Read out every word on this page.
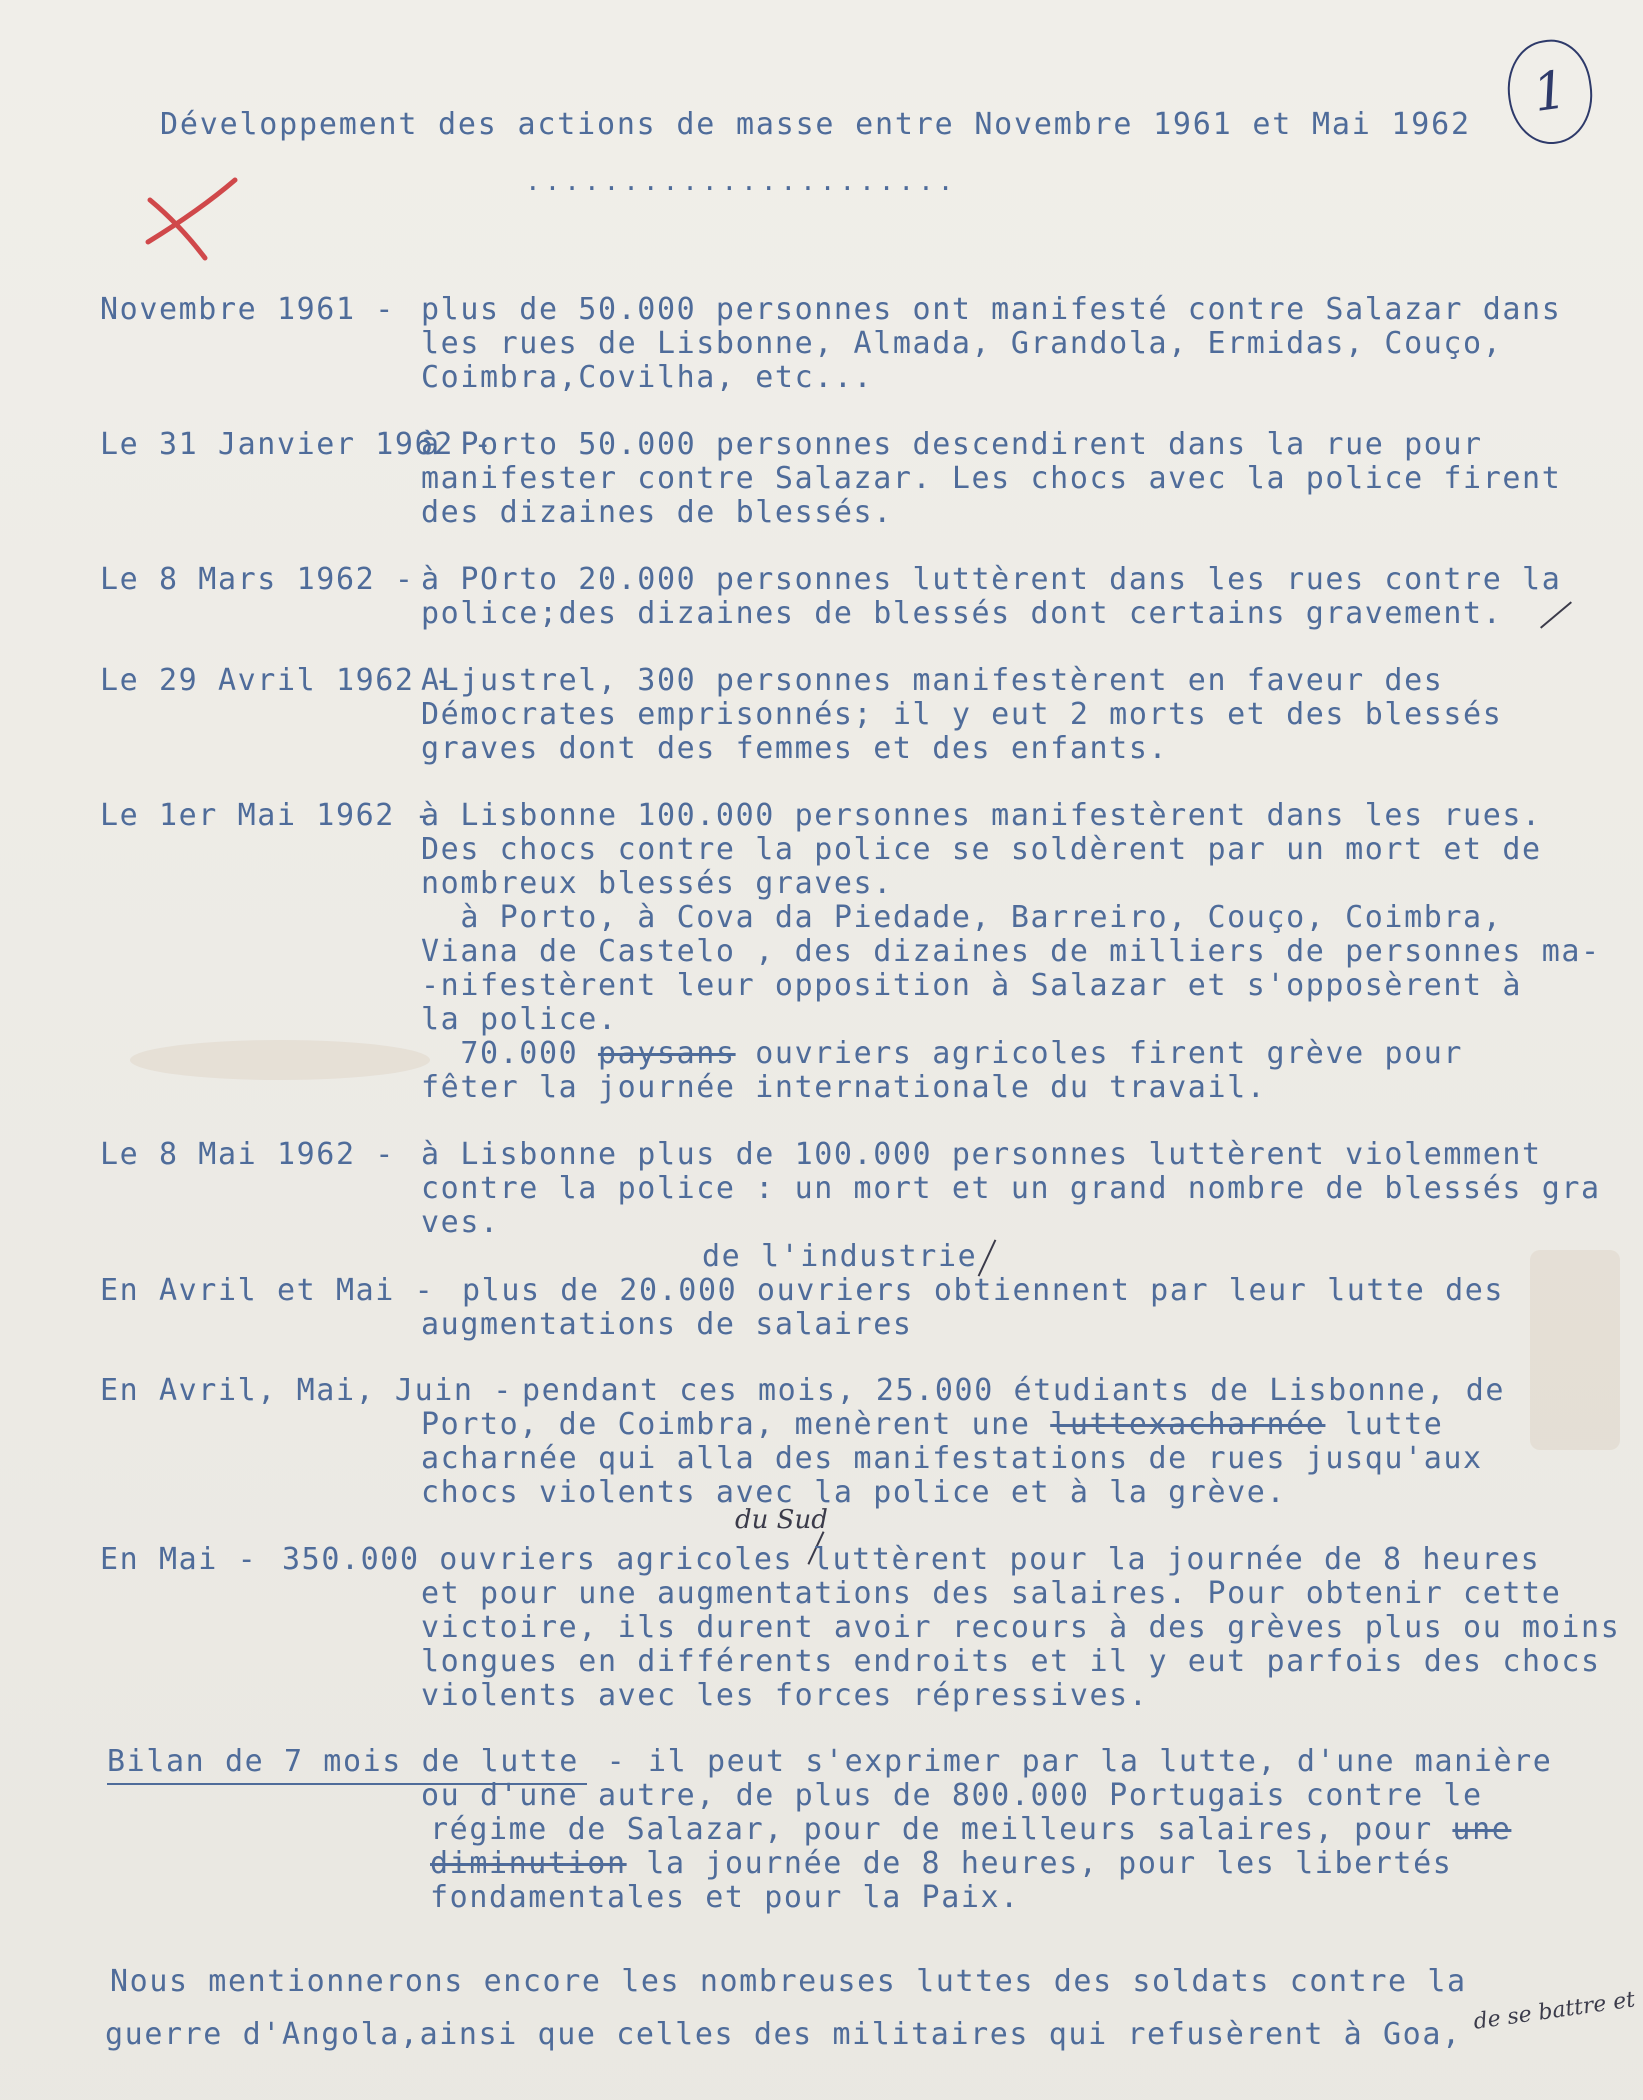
1
Développement des actions de masse entre Novembre 1961 et Mai 1962
......................
Novembre 1961 - plus de 50.000 personnes ont manifesté contre Salazar dans
les rues de Lisbonne, Almada, Grandola, Ermidas, Couço,
Coimbra,Covilha, etc...
Le 31 Janvier 1962 -
à Porto 50.000 personnes descendirent dans la rue pour
manifester contre Salazar. Les chocs avec la police firent
des dizaines de blessés.
Le 8 Mars 1962 -
à POrto 20.000 personnes luttèrent dans les rues contre la
police;des dizaines de blessés dont certains gravement.
Le 29 Avril 1962 -
ALjustrel, 300 personnes manifestèrent en faveur des
Démocrates emprisonnés; il y eut 2 morts et des blessés
graves dont des femmes et des enfants.
Le 1er Mai 1962 -
à Lisbonne 100.000 personnes manifestèrent dans les rues.
Des chocs contre la police se soldèrent par un mort et de
nombreux blessés graves.
à Porto, à Cova da Piedade, Barreiro, Couço, Coimbra,
Viana de Castelo , des dizaines de milliers de personnes ma-
-nifestèrent leur opposition à Salazar et s'opposèrent à
la police.
70.000 paysans ouvriers agricoles firent grève pour
fêter la journée internationale du travail.
Le 8 Mai 1962 - à Lisbonne plus de 100.000 personnes luttèrent violemment
contre la police : un mort et un grand nombre de blessés gra
ves.
de l'industrie
En Avril et Mai - plus de 20.000 ouvriers obtiennent par leur lutte des
augmentations de salaires
En Avril, Mai, Juin -
pendant ces mois, 25.000 étudiants de Lisbonne, de
Porto, de Coimbra, menèrent une luttexacharnée lutte
acharnée qui alla des manifestations de rues jusqu'aux
chocs violents avec la police et à la grève.
du Sud
En Mai - 350.000 ouvriers agricoles luttèrent pour la journée de 8 heures
et pour une augmentations des salaires. Pour obtenir cette
victoire, ils durent avoir recours à des grèves plus ou moins
longues en différents endroits et il y eut parfois des chocs
violents avec les forces répressives.
Bilan de 7 mois de lutte - il peut s'exprimer par la lutte, d'une manière
ou d'une autre, de plus de 800.000 Portugais contre le
régime de Salazar, pour de meilleurs salaires, pour une
diminution la journée de 8 heures, pour les libertés
fondamentales et pour la Paix.
Nous mentionnerons encore les nombreuses luttes des soldats contre la
guerre d'Angola,ainsi que celles des militaires qui refusèrent à Goa, de se battre et
